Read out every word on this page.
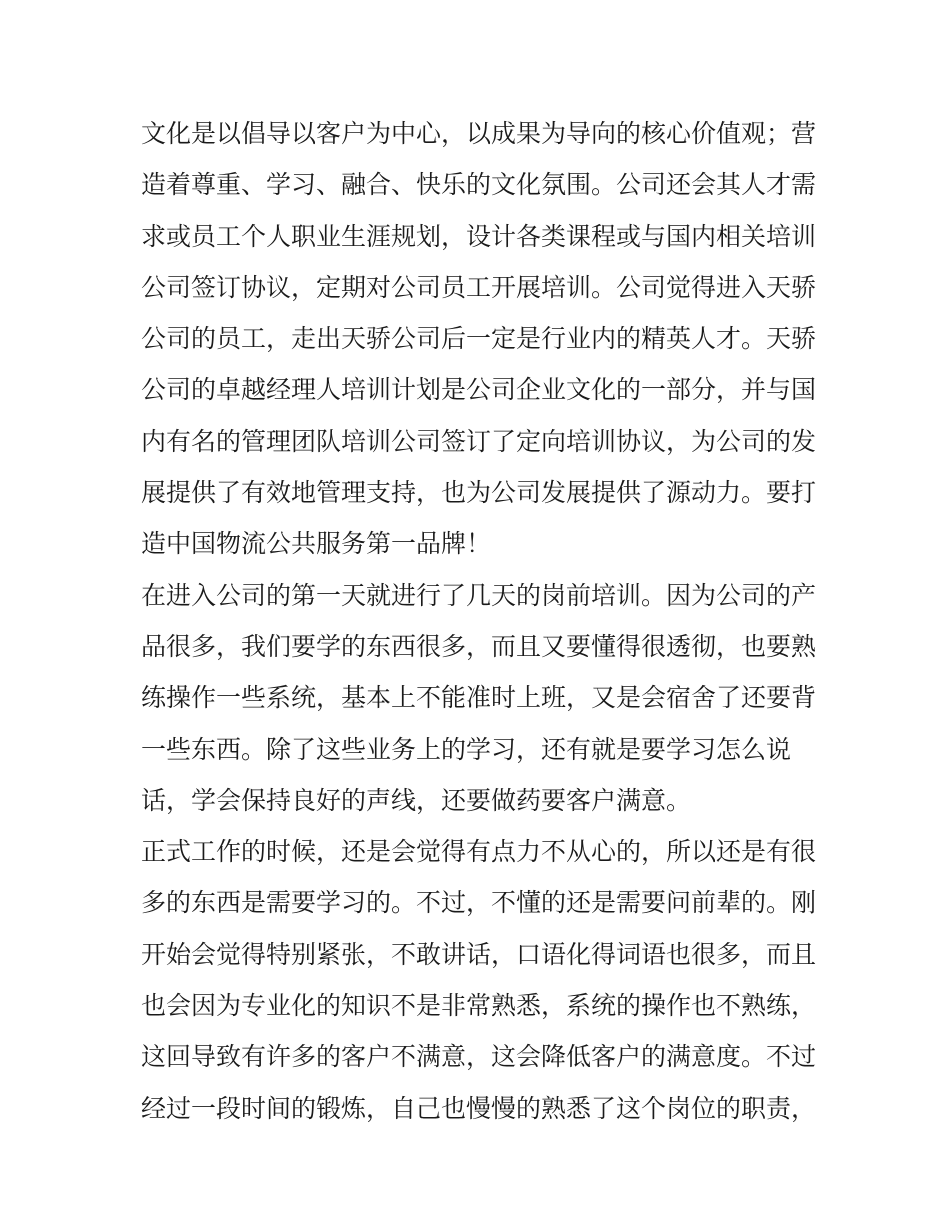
文化是以倡导以客户为中心，以成果为导向的核心价值观；营
造着尊重、学习、融合、快乐的文化氛围。公司还会其人才需
求或员工个人职业生涯规划，设计各类课程或与国内相关培训
公司签订协议，定期对公司员工开展培训。公司觉得进入天骄
公司的员工，走出天骄公司后一定是行业内的精英人才。天骄
公司的卓越经理人培训计划是公司企业文化的一部分，并与国
内有名的管理团队培训公司签订了定向培训协议，为公司的发
展提供了有效地管理支持，也为公司发展提供了源动力。要打
造中国物流公共服务第一品牌！
在进入公司的第一天就进行了几天的岗前培训。因为公司的产
品很多，我们要学的东西很多，而且又要懂得很透彻，也要熟
练操作一些系统，基本上不能准时上班，又是会宿舍了还要背
一些东西。除了这些业务上的学习，还有就是要学习怎么说
话，学会保持良好的声线，还要做药要客户满意。
正式工作的时候，还是会觉得有点力不从心的，所以还是有很
多的东西是需要学习的。不过，不懂的还是需要问前辈的。刚
开始会觉得特别紧张，不敢讲话，口语化得词语也很多，而且
也会因为专业化的知识不是非常熟悉，系统的操作也不熟练，
这回导致有许多的客户不满意，这会降低客户的满意度。不过
经过一段时间的锻炼，自己也慢慢的熟悉了这个岗位的职责，
